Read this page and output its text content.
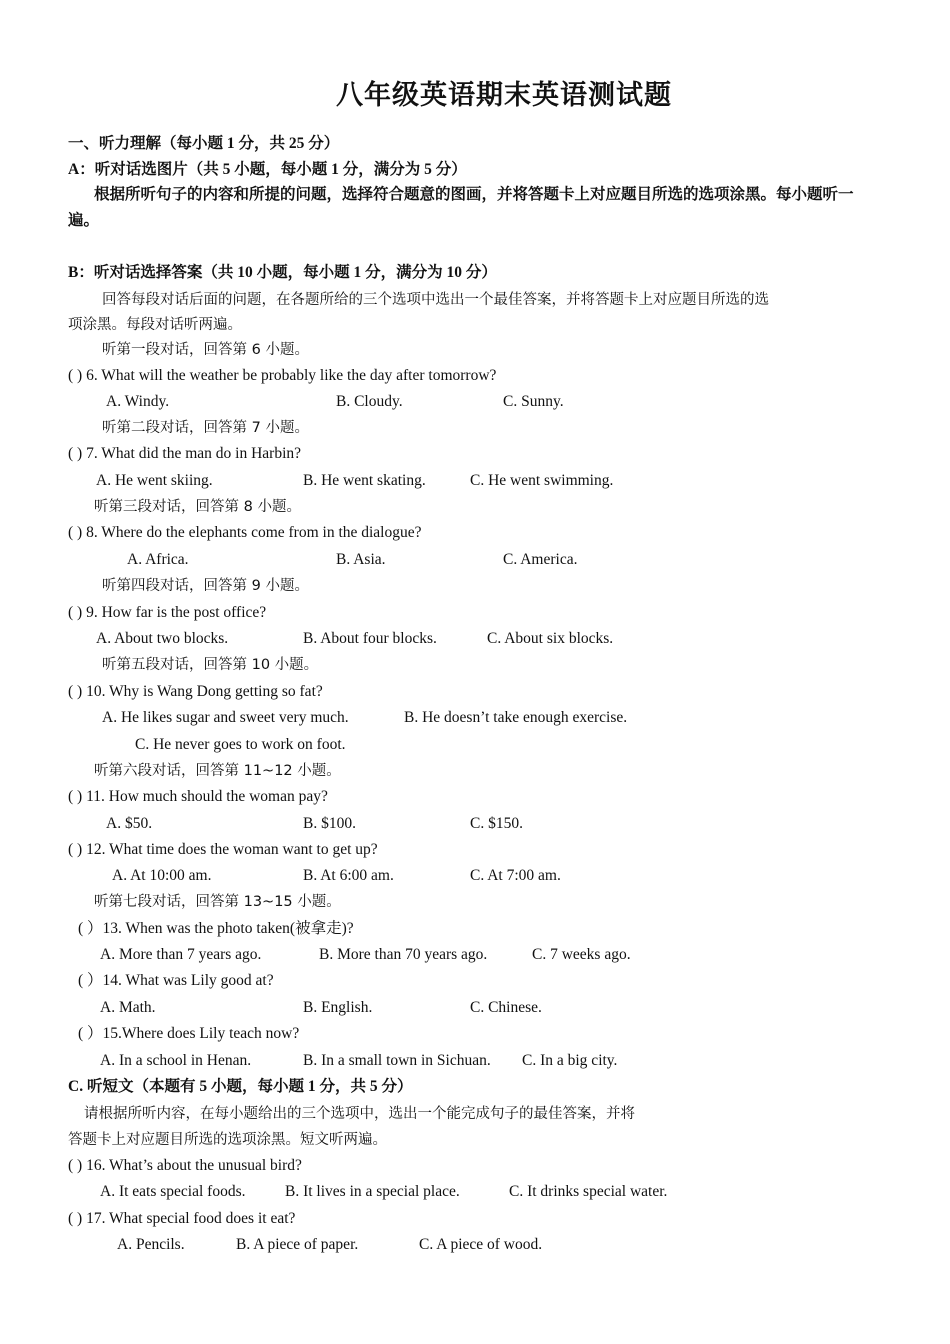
八年级英语期末英语测试题
一、听力理解（每小题 1 分，共 25 分）
A：听对话选图片（共 5 小题，每小题 1 分，满分为 5 分）
根据所听句子的内容和所提的问题，选择符合题意的图画，并将答题卡上对应题目所选的选项涂黑。每小题听一遍。
B：听对话选择答案（共 10 小题，每小题 1 分，满分为 10 分）
回答每段对话后面的问题，在各题所给的三个选项中选出一个最佳答案，并将答题卡上对应题目所选的选
项涂黑。每段对话听两遍。
听第一段对话，回答第 6 小题。
( ) 6. What will the weather be probably like the day after tomorrow?
A. Windy.	B. Cloudy.	C. Sunny.
听第二段对话，回答第 7 小题。
( ) 7. What did the man do in Harbin?
A. He went skiing.	B. He went skating.	C. He went swimming.
听第三段对话，回答第 8 小题。
( ) 8. Where do the elephants come from in the dialogue?
A. Africa.	B. Asia.	C. America.
听第四段对话，回答第 9 小题。
( ) 9. How far is the post office?
A. About two blocks.	B. About four blocks.	C. About six blocks.
听第五段对话，回答第 10 小题。
( ) 10. Why is Wang Dong getting so fat?
A. He likes sugar and sweet very much.	B. He doesn’t take enough exercise.
C. He never goes to work on foot.
听第六段对话，回答第 11~12 小题。
( ) 11. How much should the woman pay?
A. $50.	B. $100.	C. $150.
( ) 12. What time does the woman want to get up?
A. At 10:00 am.	B. At 6:00 am.	C. At 7:00 am.
听第七段对话，回答第 13~15 小题。
( ）13. When was the photo taken(被拿走)?
A. More than 7 years ago.	B. More than 70 years ago.	C. 7 weeks ago.
( ）14. What was Lily good at?
A. Math.	B. English.	C. Chinese.
( ）15.Where does Lily teach now?
A. In a school in Henan.	B. In a small town in Sichuan. C. In a big city.
C. 听短文（本题有 5 小题，每小题 1 分，共 5 分）
请根据所听内容，在每小题给出的三个选项中，选出一个能完成句子的最佳答案，并将
答题卡上对应题目所选的选项涂黑。短文听两遍。
( ) 16. What’s about the unusual bird?
A. It eats special foods.	B. It lives in a special place.	C. It drinks special water.
( ) 17. What special food does it eat?
A. Pencils.	B. A piece of paper.	C. A piece of wood.
